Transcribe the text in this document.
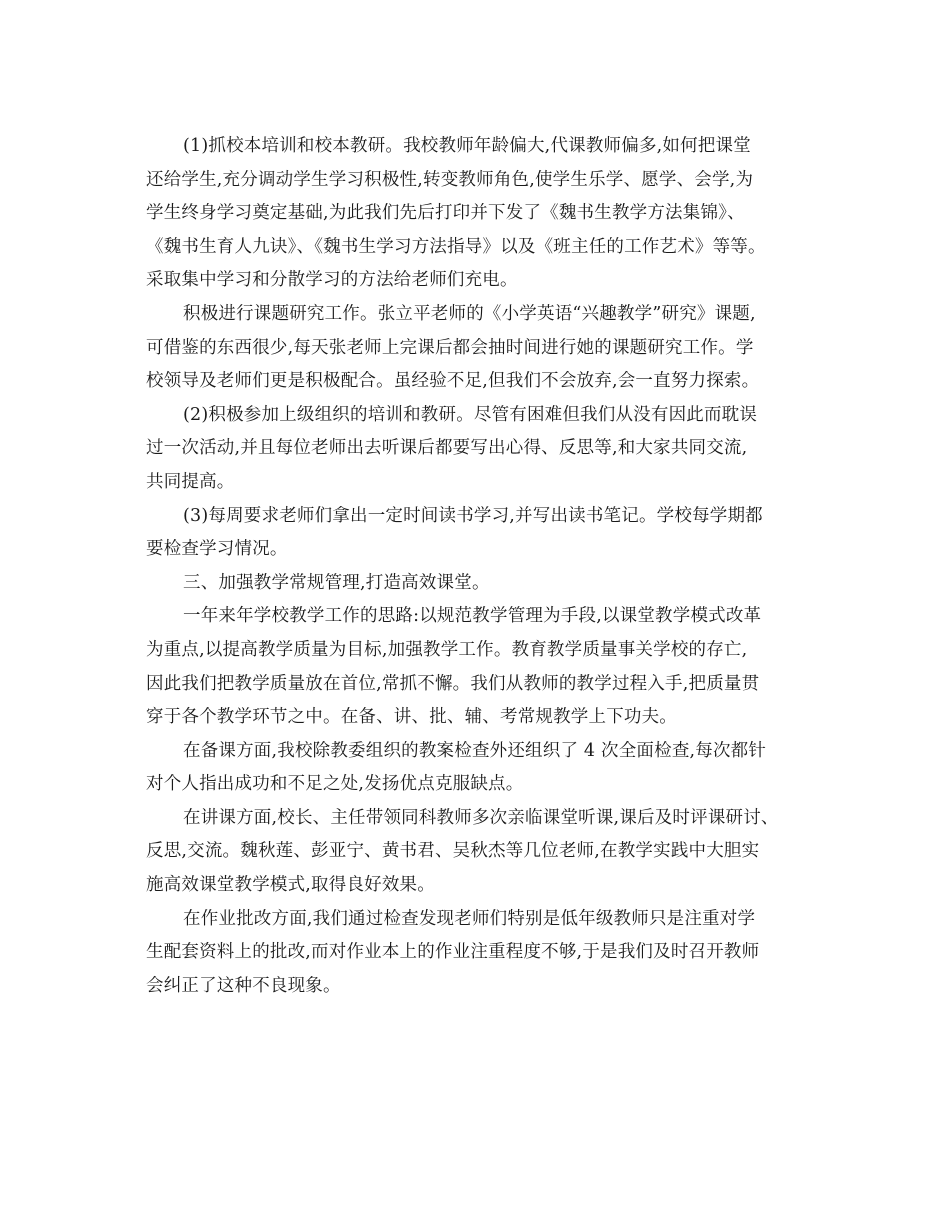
(1)抓校本培训和校本教研。我校教师年龄偏大,代课教师偏多,如何把课堂
还给学生,充分调动学生学习积极性,转变教师角色,使学生乐学、愿学、会学,为
学生终身学习奠定基础,为此我们先后打印并下发了《魏书生教学方法集锦》、
《魏书生育人九诀》、《魏书生学习方法指导》以及《班主任的工作艺术》等等。
采取集中学习和分散学习的方法给老师们充电。
积极进行课题研究工作。张立平老师的《小学英语“兴趣教学”研究》课题,
可借鉴的东西很少,每天张老师上完课后都会抽时间进行她的课题研究工作。学
校领导及老师们更是积极配合。虽经验不足,但我们不会放弃,会一直努力探索。
(2)积极参加上级组织的培训和教研。尽管有困难但我们从没有因此而耽误
过一次活动,并且每位老师出去听课后都要写出心得、反思等,和大家共同交流,
共同提高。
(3)每周要求老师们拿出一定时间读书学习,并写出读书笔记。学校每学期都
要检查学习情况。
三、加强教学常规管理,打造高效课堂。
一年来年学校教学工作的思路:以规范教学管理为手段,以课堂教学模式改革
为重点,以提高教学质量为目标,加强教学工作。教育教学质量事关学校的存亡,
因此我们把教学质量放在首位,常抓不懈。我们从教师的教学过程入手,把质量贯
穿于各个教学环节之中。在备、讲、批、辅、考常规教学上下功夫。
在备课方面,我校除教委组织的教案检查外还组织了 4 次全面检查,每次都针
对个人指出成功和不足之处,发扬优点克服缺点。
在讲课方面,校长、主任带领同科教师多次亲临课堂听课,课后及时评课研讨、
反思,交流。魏秋莲、彭亚宁、黄书君、吴秋杰等几位老师,在教学实践中大胆实
施高效课堂教学模式,取得良好效果。
在作业批改方面,我们通过检查发现老师们特别是低年级教师只是注重对学
生配套资料上的批改,而对作业本上的作业注重程度不够,于是我们及时召开教师
会纠正了这种不良现象。
